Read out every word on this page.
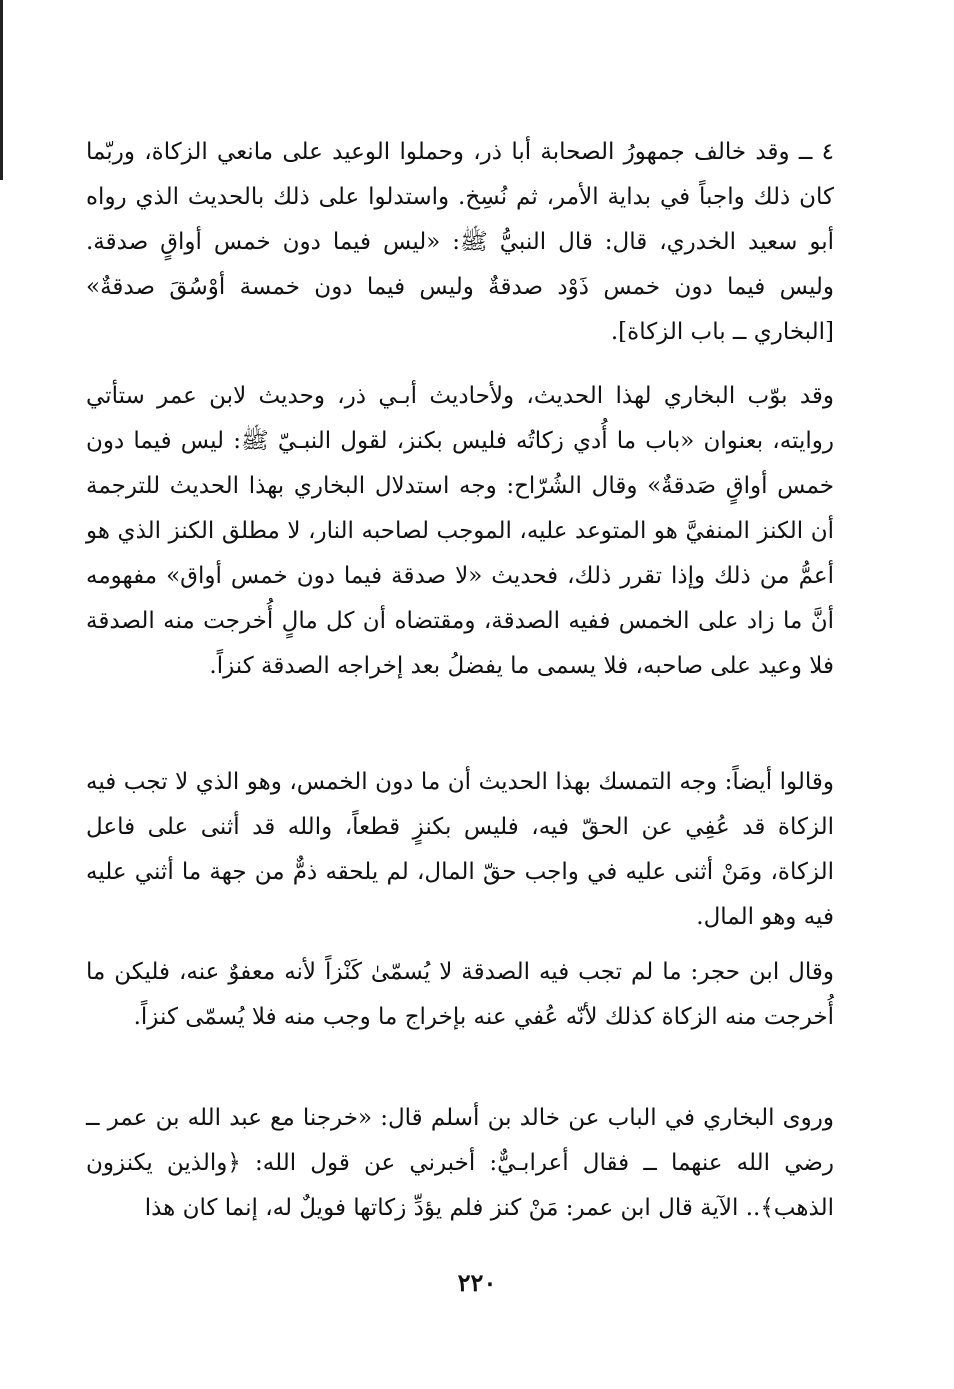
٤ ــ وقد خالف جمهورُ الصحابة أبا ذر، وحملوا الوعيد على مانعي الزكاة، وربّما كان ذلك واجباً في بداية الأمر، ثم نُسِخ. واستدلوا على ذلك بالحديث الذي رواه أبو سعيد الخدري، قال: قال النبيُّ ﷺ: «ليس فيما دون خمس أواقٍ صدقة. وليس فيما دون خمس ذَوْد صدقةٌ وليس فيما دون خمسة أوْسُقَ صدقةٌ» [البخاري ــ باب الزكاة].

وقد بوّب البخاري لهذا الحديث، ولأحاديث أبـي ذر، وحديث لابن عمر ستأتي روايته، بعنوان «باب ما أُدي زكاتُه فليس بكنز، لقول النبـيّ ﷺ: ليس فيما دون خمس أواقٍ صَدقةٌ» وقال الشُرّاح: وجه استدلال البخاري بهذا الحديث للترجمة أن الكنز المنفيَّ هو المتوعد عليه، الموجب لصاحبه النار، لا مطلق الكنز الذي هو أعمُّ من ذلك وإذا تقرر ذلك، فحديث «لا صدقة فيما دون خمس أواق» مفهومه أنَّ ما زاد على الخمس ففيه الصدقة، ومقتضاه أن كل مالٍ أُخرجت منه الصدقة فلا وعيد على صاحبه، فلا يسمى ما يفضلُ بعد إخراجه الصدقة كنزاً.

وقالوا أيضاً: وجه التمسك بهذا الحديث أن ما دون الخمس، وهو الذي لا تجب فيه الزكاة قد عُفِي عن الحقّ فيه، فليس بكنزٍ قطعاً، والله قد أثنى على فاعل الزكاة، ومَنْ أثنى عليه في واجب حقّ المال، لم يلحقه ذمٌّ من جهة ما أثني عليه فيه وهو المال.

وقال ابن حجر: ما لم تجب فيه الصدقة لا يُسمّىٰ كَنْزاً لأنه معفوٌ عنه، فليكن ما أُخرجت منه الزكاة كذلك لأنّه عُفي عنه بإخراج ما وجب منه فلا يُسمّى كنزاً.

وروى البخاري في الباب عن خالد بن أسلم قال: «خرجنا مع عبد الله بن عمر ــ رضي الله عنهما ــ فقال أعرابـيٌّ: أخبرني عن قول الله: ﴿والذين يكنزون الذهب﴾.. الآية قال ابن عمر: مَنْ كنز فلم يؤدِّ زكاتها فويلٌ له، إنما كان هذا

٢٢٠
